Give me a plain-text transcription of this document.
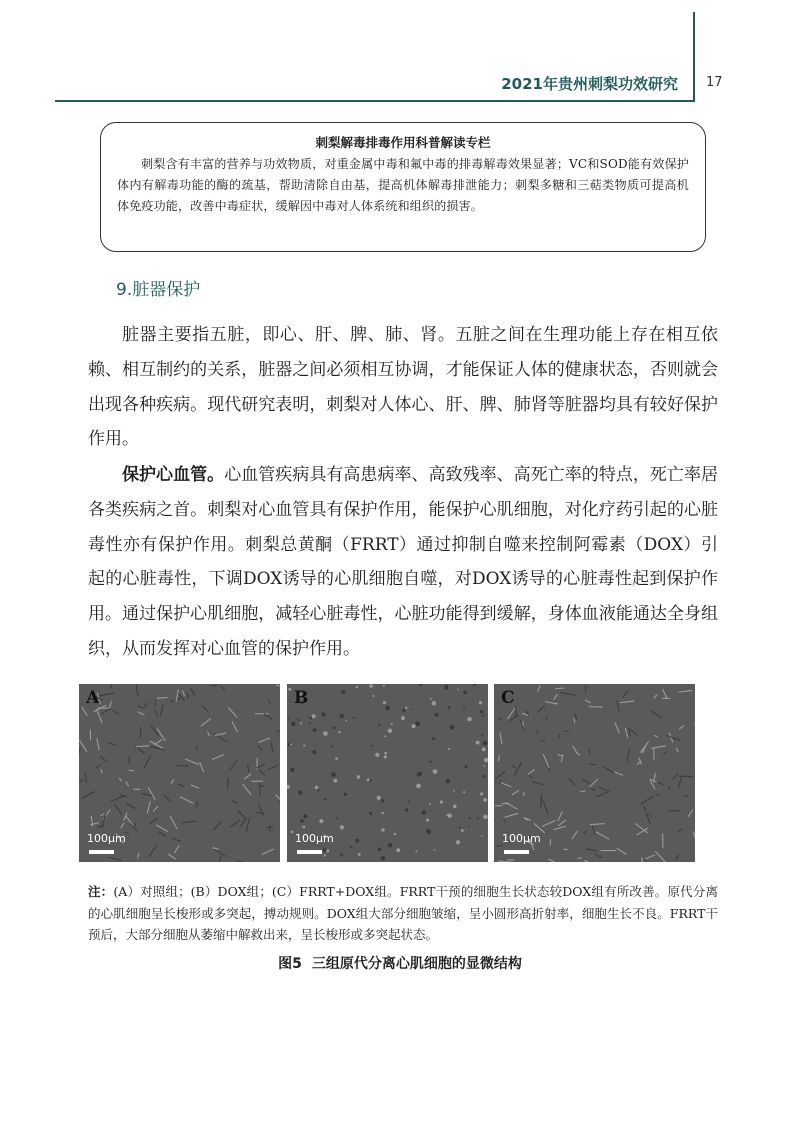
2021年贵州刺梨功效研究 17
刺梨解毒排毒作用科普解读专栏
刺梨含有丰富的营养与功效物质，对重金属中毒和氟中毒的排毒解毒效果显著；VC和SOD能有效保护体内有解毒功能的酶的巯基，帮助清除自由基，提高机体解毒排泄能力；刺梨多糖和三萜类物质可提高机体免疫功能，改善中毒症状，缓解因中毒对人体系统和组织的损害。
9.脏器保护
脏器主要指五脏，即心、肝、脾、肺、肾。五脏之间在生理功能上存在相互依赖、相互制约的关系，脏器之间必须相互协调，才能保证人体的健康状态，否则就会出现各种疾病。现代研究表明，刺梨对人体心、肝、脾、肺肾等脏器均具有较好保护作用。
保护心血管。心血管疾病具有高患病率、高致残率、高死亡率的特点，死亡率居各类疾病之首。刺梨对心血管具有保护作用，能保护心肌细胞，对化疗药引起的心脏毒性亦有保护作用。刺梨总黄酮（FRRT）通过抑制自噬来控制阿霉素（DOX）引起的心脏毒性，下调DOX诱导的心肌细胞自噬，对DOX诱导的心脏毒性起到保护作用。通过保护心肌细胞，减轻心脏毒性，心脏功能得到缓解，身体血液能通达全身组织，从而发挥对心血管的保护作用。
A
100μm
B
100μm
C
100μm
注：(A）对照组；(B）DOX组；(C）FRRT+DOX组。FRRT干预的细胞生长状态较DOX组有所改善。原代分离的心肌细胞呈长梭形或多突起，搏动规则。DOX组大部分细胞皱缩，呈小圆形高折射率，细胞生长不良。FRRT干预后，大部分细胞从萎缩中解救出来，呈长梭形或多突起状态。
图5 三组原代分离心肌细胞的显微结构
